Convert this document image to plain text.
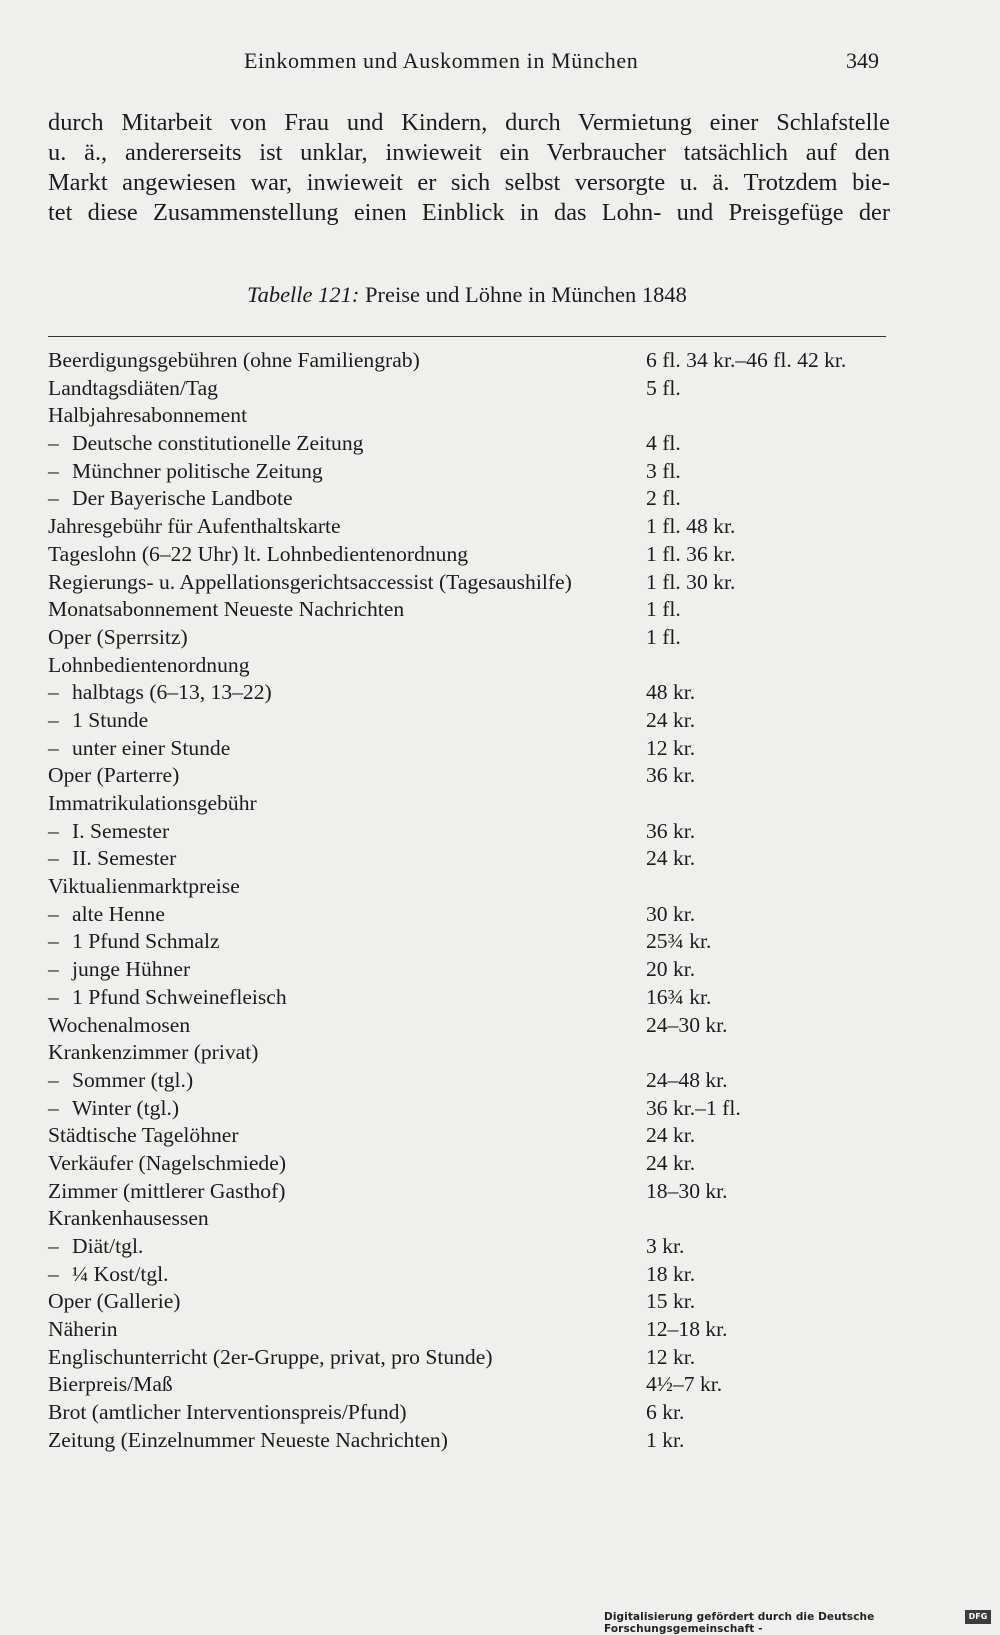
Einkommen und Auskommen in München	349
durch Mitarbeit von Frau und Kindern, durch Vermietung einer Schlafstelle
u. ä., andererseits ist unklar, inwieweit ein Verbraucher tatsächlich auf den
Markt angewiesen war, inwieweit er sich selbst versorgte u. ä. Trotzdem bie-
tet diese Zusammenstellung einen Einblick in das Lohn- und Preisgefüge der
Tabelle 121: Preise und Löhne in München 1848
Beerdigungsgebühren (ohne Familiengrab)	6 fl. 34 kr.–46 fl. 42 kr.
Landtagsdiäten/Tag	5 fl.
Halbjahresabonnement
– Deutsche constitutionelle Zeitung	4 fl.
– Münchner politische Zeitung	3 fl.
– Der Bayerische Landbote	2 fl.
Jahresgebühr für Aufenthaltskarte	1 fl. 48 kr.
Tageslohn (6–22 Uhr) lt. Lohnbedientenordnung	1 fl. 36 kr.
Regierungs- u. Appellationsgerichtsaccessist (Tagesaushilfe)	1 fl. 30 kr.
Monatsabonnement Neueste Nachrichten	1 fl.
Oper (Sperrsitz)	1 fl.
Lohnbedientenordnung
– halbtags (6–13, 13–22)	48 kr.
– 1 Stunde	24 kr.
– unter einer Stunde	12 kr.
Oper (Parterre)	36 kr.
Immatrikulationsgebühr
– I. Semester	36 kr.
– II. Semester	24 kr.
Viktualienmarktpreise
– alte Henne	30 kr.
– 1 Pfund Schmalz	25¾ kr.
– junge Hühner	20 kr.
– 1 Pfund Schweinefleisch	16¾ kr.
Wochenalmosen	24–30 kr.
Krankenzimmer (privat)
– Sommer (tgl.)	24–48 kr.
– Winter (tgl.)	36 kr.–1 fl.
Städtische Tagelöhner	24 kr.
Verkäufer (Nagelschmiede)	24 kr.
Zimmer (mittlerer Gasthof)	18–30 kr.
Krankenhausessen
– Diät/tgl.	3 kr.
– ¼ Kost/tgl.	18 kr.
Oper (Gallerie)	15 kr.
Näherin	12–18 kr.
Englischunterricht (2er-Gruppe, privat, pro Stunde)	12 kr.
Bierpreis/Maß	4½–7 kr.
Brot (amtlicher Interventionspreis/Pfund)	6 kr.
Zeitung (Einzelnummer Neueste Nachrichten)	1 kr.
Digitalisierung gefördert durch die Deutsche Forschungsgemeinschaft -
DFG
